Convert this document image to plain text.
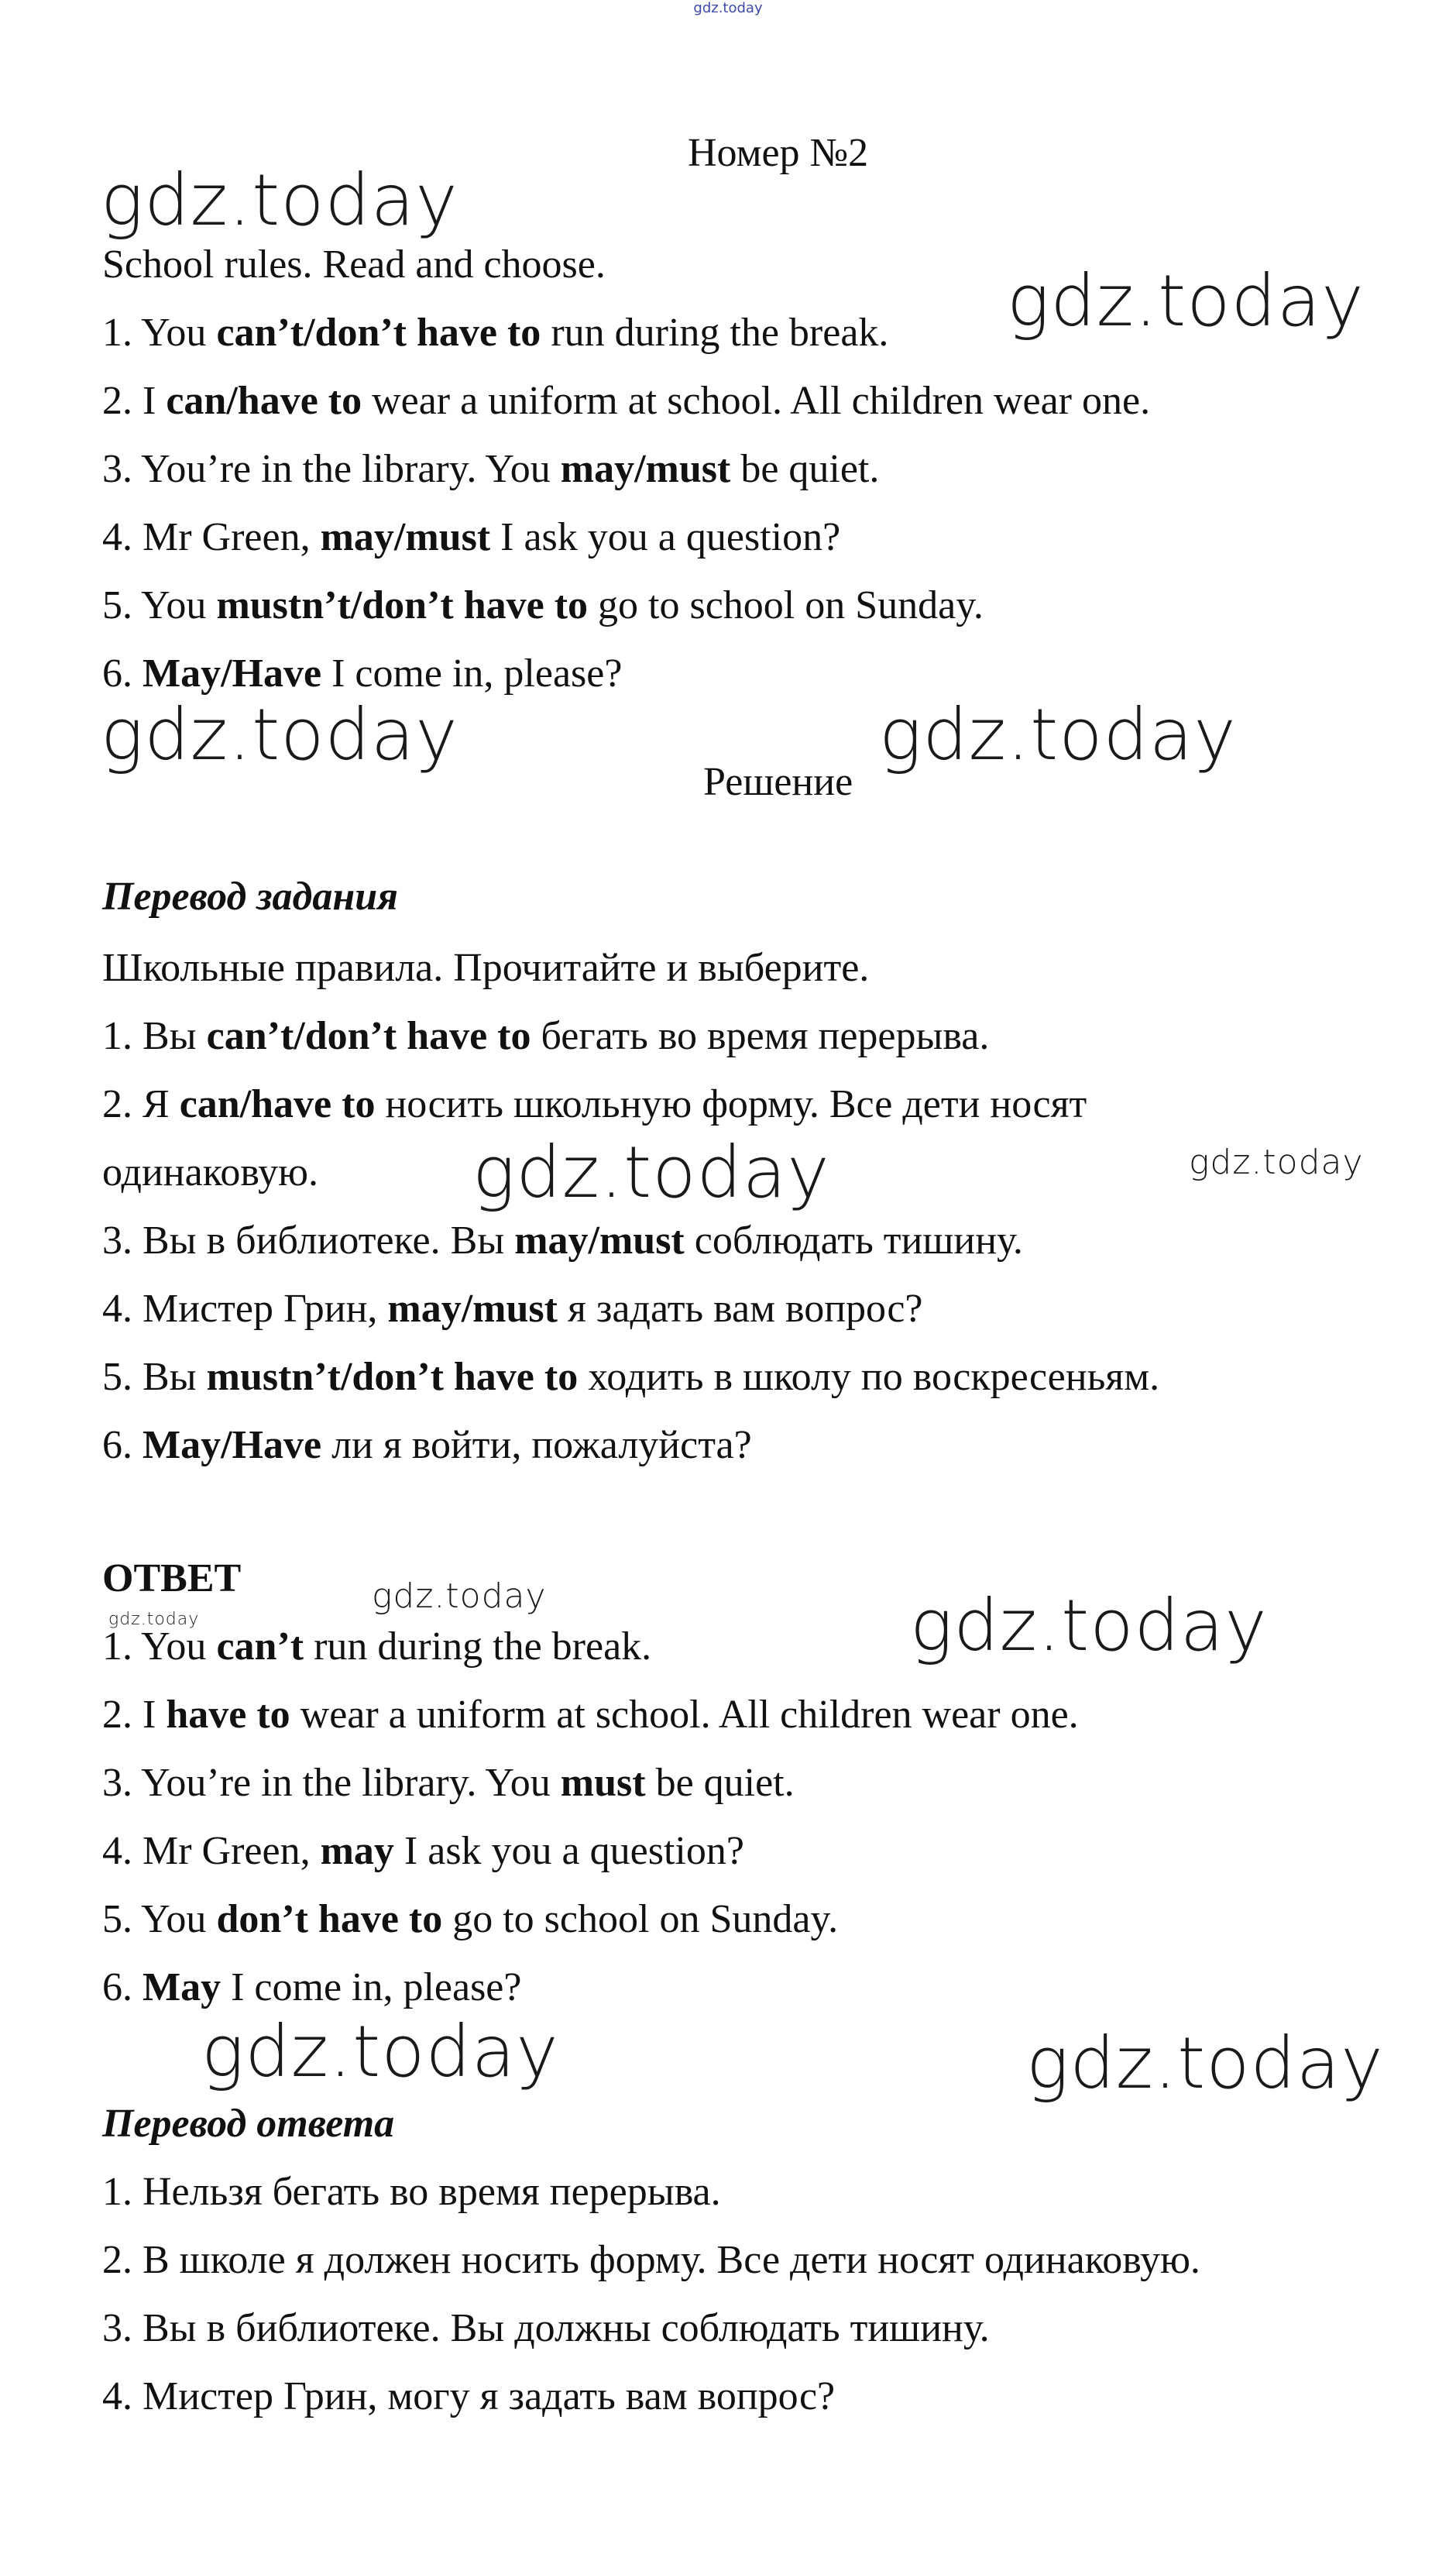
gdz.today
Номер №2
School rules. Read and choose.
1. You can’t/don’t have to run during the break.
2. I can/have to wear a uniform at school. All children wear one.
3. You’re in the library. You may/must be quiet.
4. Mr Green, may/must I ask you a question?
5. You mustn’t/don’t have to go to school on Sunday.
6. May/Have I come in, please?
Решение
Перевод задания
Школьные правила. Прочитайте и выберите.
1. Вы can’t/don’t have to бегать во время перерыва.
2. Я can/have to носить школьную форму. Все дети носят
одинаковую.
3. Вы в библиотеке. Вы may/must соблюдать тишину.
4. Мистер Грин, may/must я задать вам вопрос?
5. Вы mustn’t/don’t have to ходить в школу по воскресеньям.
6. May/Have ли я войти, пожалуйста?
ОТВЕТ
1. You can’t run during the break.
2. I have to wear a uniform at school. All children wear one.
3. You’re in the library. You must be quiet.
4. Mr Green, may I ask you a question?
5. You don’t have to go to school on Sunday.
6. May I come in, please?
Перевод ответа
1. Нельзя бегать во время перерыва.
2. В школе я должен носить форму. Все дети носят одинаковую.
3. Вы в библиотеке. Вы должны соблюдать тишину.
4. Мистер Грин, могу я задать вам вопрос?
gdz.today
gdz.today
gdz.today	gdz.today
gdz.today	gdz.today
gdz.today
gdz.today	gdz.today
gdz.today	gdz.today
